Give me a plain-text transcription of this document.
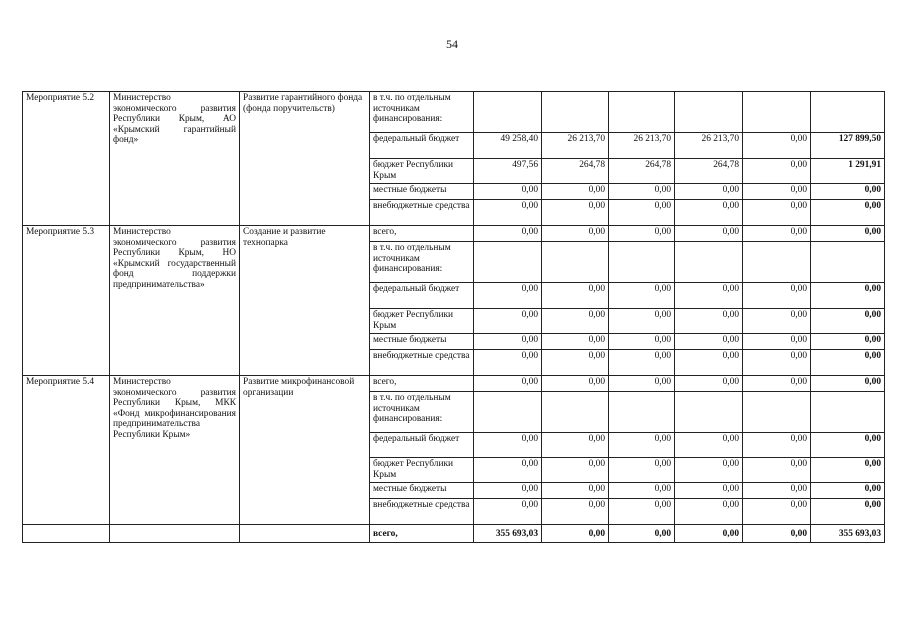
54
Мероприятие 5.2	Министерство экономического развития Республики Крым, АО «Крымский гарантийный фонд»	Развитие гарантийного фонда (фонда поручительств)	в т.ч. по отдельным источникам финансирования:						
			федеральный бюджет	49 258,40	26 213,70	26 213,70	26 213,70	0,00	127 899,50
			бюджет Республики Крым	497,56	264,78	264,78	264,78	0,00	1 291,91
			местные бюджеты	0,00	0,00	0,00	0,00	0,00	0,00
			внебюджетные средства	0,00	0,00	0,00	0,00	0,00	0,00
Мероприятие 5.3	Министерство экономического развития Республики Крым, НО «Крымский государственный фонд поддержки предпринимательства»	Создание и развитие технопарка	всего,	0,00	0,00	0,00	0,00	0,00	0,00
			в т.ч. по отдельным источникам финансирования:						
			федеральный бюджет	0,00	0,00	0,00	0,00	0,00	0,00
			бюджет Республики Крым	0,00	0,00	0,00	0,00	0,00	0,00
			местные бюджеты	0,00	0,00	0,00	0,00	0,00	0,00
			внебюджетные средства	0,00	0,00	0,00	0,00	0,00	0,00
Мероприятие 5.4	Министерство экономического развития Республики Крым, МКК «Фонд микрофинансирования предпринимательства Республики Крым»	Развитие микрофинансовой организации	всего,	0,00	0,00	0,00	0,00	0,00	0,00
			в т.ч. по отдельным источникам финансирования:						
			федеральный бюджет	0,00	0,00	0,00	0,00	0,00	0,00
			бюджет Республики Крым	0,00	0,00	0,00	0,00	0,00	0,00
			местные бюджеты	0,00	0,00	0,00	0,00	0,00	0,00
			внебюджетные средства	0,00	0,00	0,00	0,00	0,00	0,00
			всего,	355 693,03	0,00	0,00	0,00	0,00	355 693,03
